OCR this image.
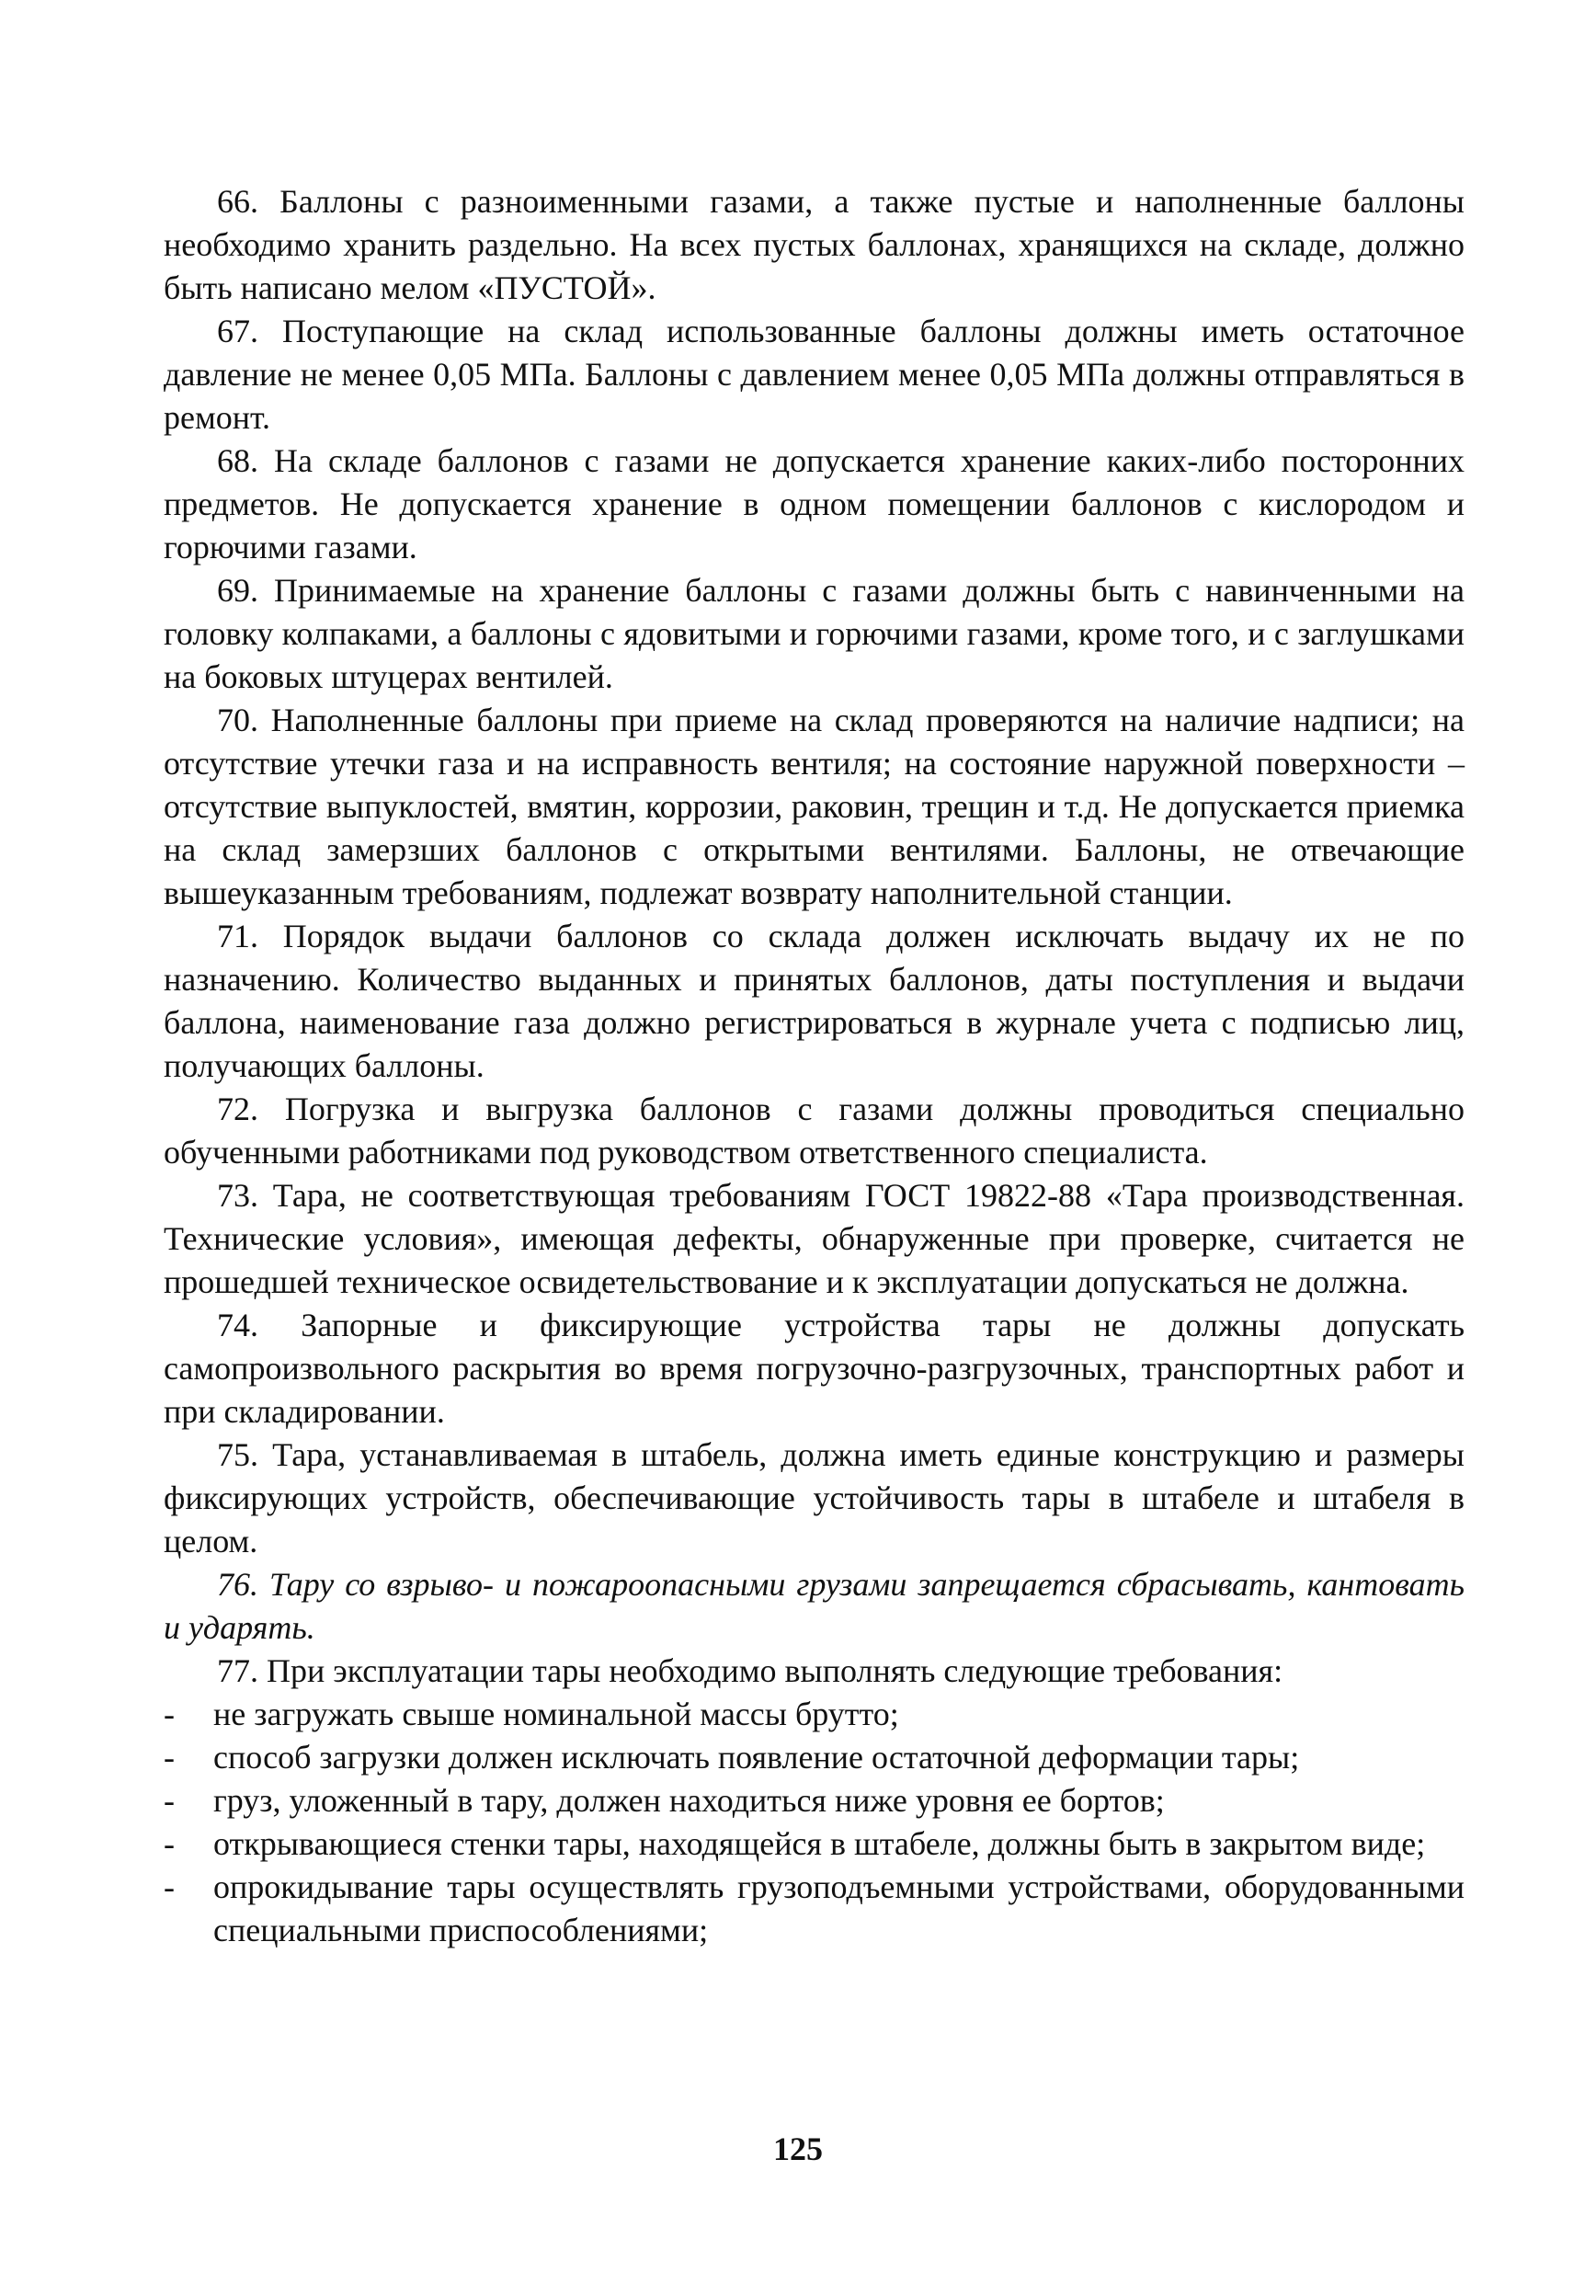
66. Баллоны с разноименными газами, а также пустые и наполненные баллоны необходимо хранить раздельно. На всех пустых баллонах, хранящихся на складе, должно быть написано мелом «ПУСТОЙ».

67. Поступающие на склад использованные баллоны должны иметь остаточное давление не менее 0,05 МПа. Баллоны с давлением менее 0,05 МПа должны отправляться в ремонт.

68. На складе баллонов с газами не допускается хранение каких-либо посторонних предметов. Не допускается хранение в одном помещении баллонов с кислородом и горючими газами.

69. Принимаемые на хранение баллоны с газами должны быть с навинченными на головку колпаками, а баллоны с ядовитыми и горючими газами, кроме того, и с заглушками на боковых штуцерах вентилей.

70. Наполненные баллоны при приеме на склад проверяются на наличие надписи; на отсутствие утечки газа и на исправность вентиля; на состояние наружной поверхности – отсутствие выпуклостей, вмятин, коррозии, раковин, трещин и т.д. Не допускается приемка на склад замерзших баллонов с открытыми вентилями. Баллоны, не отвечающие вышеуказанным требованиям, подлежат возврату наполнительной станции.

71. Порядок выдачи баллонов со склада должен исключать выдачу их не по назначению. Количество выданных и принятых баллонов, даты поступления и выдачи баллона, наименование газа должно регистрироваться в журнале учета с подписью лиц, получающих баллоны.

72. Погрузка и выгрузка баллонов с газами должны проводиться специально обученными работниками под руководством ответственного специалиста.

73. Тара, не соответствующая требованиям ГОСТ 19822-88 «Тара производственная. Технические условия», имеющая дефекты, обнаруженные при проверке, считается не прошедшей техническое освидетельствование и к эксплуатации допускаться не должна.

74. Запорные и фиксирующие устройства тары не должны допускать самопроизвольного раскрытия во время погрузочно-разгрузочных, транспортных работ и при складировании.

75. Тара, устанавливаемая в штабель, должна иметь единые конструкцию и размеры фиксирующих устройств, обеспечивающие устойчивость тары в штабеле и штабеля в целом.

76. Тару со взрыво- и пожароопасными грузами запрещается сбрасывать, кантовать и ударять.

77. При эксплуатации тары необходимо выполнять следующие требования:

-	не загружать свыше номинальной массы брутто;
-	способ загрузки должен исключать появление остаточной деформации тары;
-	груз, уложенный в тару, должен находиться ниже уровня ее бортов;
-	открывающиеся стенки тары, находящейся в штабеле, должны быть в закрытом виде;
-	опрокидывание тары осуществлять грузоподъемными устройствами, оборудованными специальными приспособлениями;
125
